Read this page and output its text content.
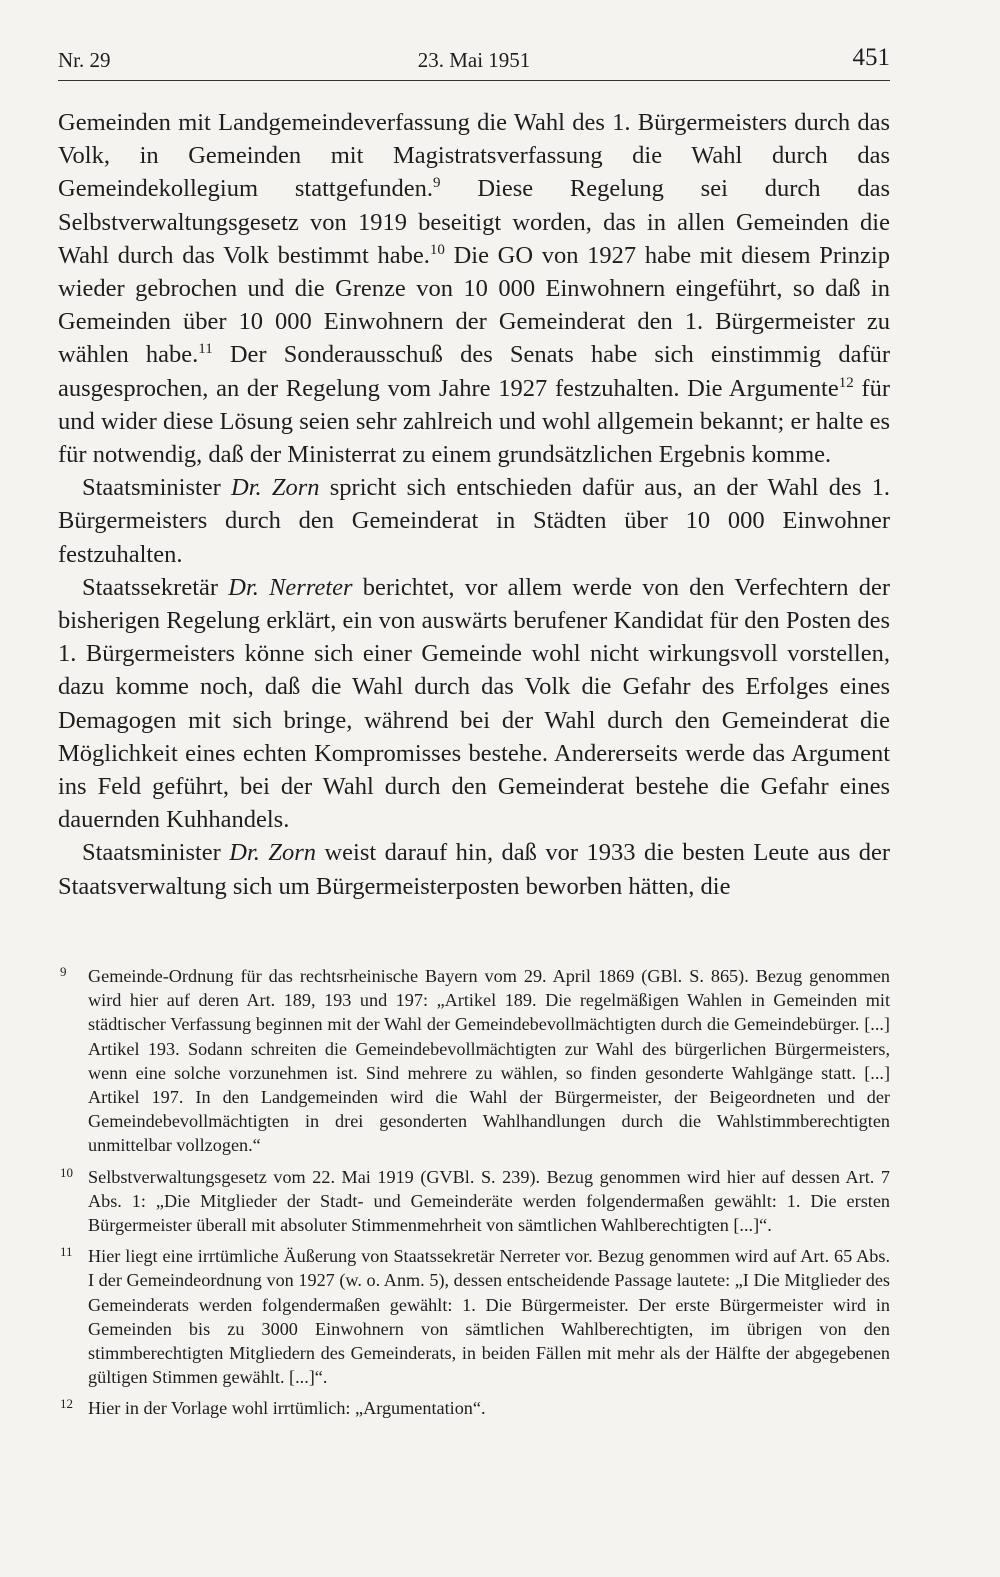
Nr. 29	23. Mai 1951	451

Gemeinden mit Landgemeindeverfassung die Wahl des 1. Bürgermeisters durch das Volk, in Gemeinden mit Magistratsverfassung die Wahl durch das Gemeindekollegium stattgefunden.$^9$ Diese Regelung sei durch das Selbstverwaltungsgesetz von 1919 beseitigt worden, das in allen Gemeinden die Wahl durch das Volk bestimmt habe.$^{10}$ Die GO von 1927 habe mit diesem Prinzip wieder gebrochen und die Grenze von 10 000 Einwohnern eingeführt, so daß in Gemeinden über 10 000 Einwohnern der Gemeinderat den 1. Bürgermeister zu wählen habe.$^{11}$ Der Sonderausschuß des Senats habe sich einstimmig dafür ausgesprochen, an der Regelung vom Jahre 1927 festzuhalten. Die Argumente$^{12}$ für und wider diese Lösung seien sehr zahlreich und wohl allgemein bekannt; er halte es für notwendig, daß der Ministerrat zu einem grundsätzlichen Ergebnis komme.

Staatsminister Dr. Zorn spricht sich entschieden dafür aus, an der Wahl des 1. Bürgermeisters durch den Gemeinderat in Städten über 10 000 Einwohner festzuhalten.

Staatssekretär Dr. Nerreter berichtet, vor allem werde von den Verfechtern der bisherigen Regelung erklärt, ein von auswärts berufener Kandidat für den Posten des 1. Bürgermeisters könne sich einer Gemeinde wohl nicht wirkungsvoll vorstellen, dazu komme noch, daß die Wahl durch das Volk die Gefahr des Erfolges eines Demagogen mit sich bringe, während bei der Wahl durch den Gemeinderat die Möglichkeit eines echten Kompromisses bestehe. Andererseits werde das Argument ins Feld geführt, bei der Wahl durch den Gemeinderat bestehe die Gefahr eines dauernden Kuhhandels.

Staatsminister Dr. Zorn weist darauf hin, daß vor 1933 die besten Leute aus der Staatsverwaltung sich um Bürgermeisterposten beworben hätten, die

9 Gemeinde-Ordnung für das rechtsrheinische Bayern vom 29. April 1869 (GBl. S. 865). Bezug genommen wird hier auf deren Art. 189, 193 und 197: „Artikel 189. Die regelmäßigen Wahlen in Gemeinden mit städtischer Verfassung beginnen mit der Wahl der Gemeindebevollmächtigten durch die Gemeindebürger. [...] Artikel 193. Sodann schreiten die Gemeindebevollmächtigten zur Wahl des bürgerlichen Bürgermeisters, wenn eine solche vorzunehmen ist. Sind mehrere zu wählen, so finden gesonderte Wahlgänge statt. [...] Artikel 197. In den Landgemeinden wird die Wahl der Bürgermeister, der Beigeordneten und der Gemeindebevollmächtigten in drei gesonderten Wahlhandlungen durch die Wahlstimmberechtigten unmittelbar vollzogen.“
10 Selbstverwaltungsgesetz vom 22. Mai 1919 (GVBl. S. 239). Bezug genommen wird hier auf dessen Art. 7 Abs. 1: „Die Mitglieder der Stadt- und Gemeinderäte werden folgendermaßen gewählt: 1. Die ersten Bürgermeister überall mit absoluter Stimmenmehrheit von sämtlichen Wahlberechtigten [...]“.
11 Hier liegt eine irrtümliche Äußerung von Staatssekretär Nerreter vor. Bezug genommen wird auf Art. 65 Abs. I der Gemeindeordnung von 1927 (w. o. Anm. 5), dessen entscheidende Passage lautete: „I Die Mitglieder des Gemeinderats werden folgendermaßen gewählt: 1. Die Bürgermeister. Der erste Bürgermeister wird in Gemeinden bis zu 3000 Einwohnern von sämtlichen Wahlberechtigten, im übrigen von den stimmberechtigten Mitgliedern des Gemeinderats, in beiden Fällen mit mehr als der Hälfte der abgegebenen gültigen Stimmen gewählt. [...]“.
12 Hier in der Vorlage wohl irrtümlich: „Argumentation“.
